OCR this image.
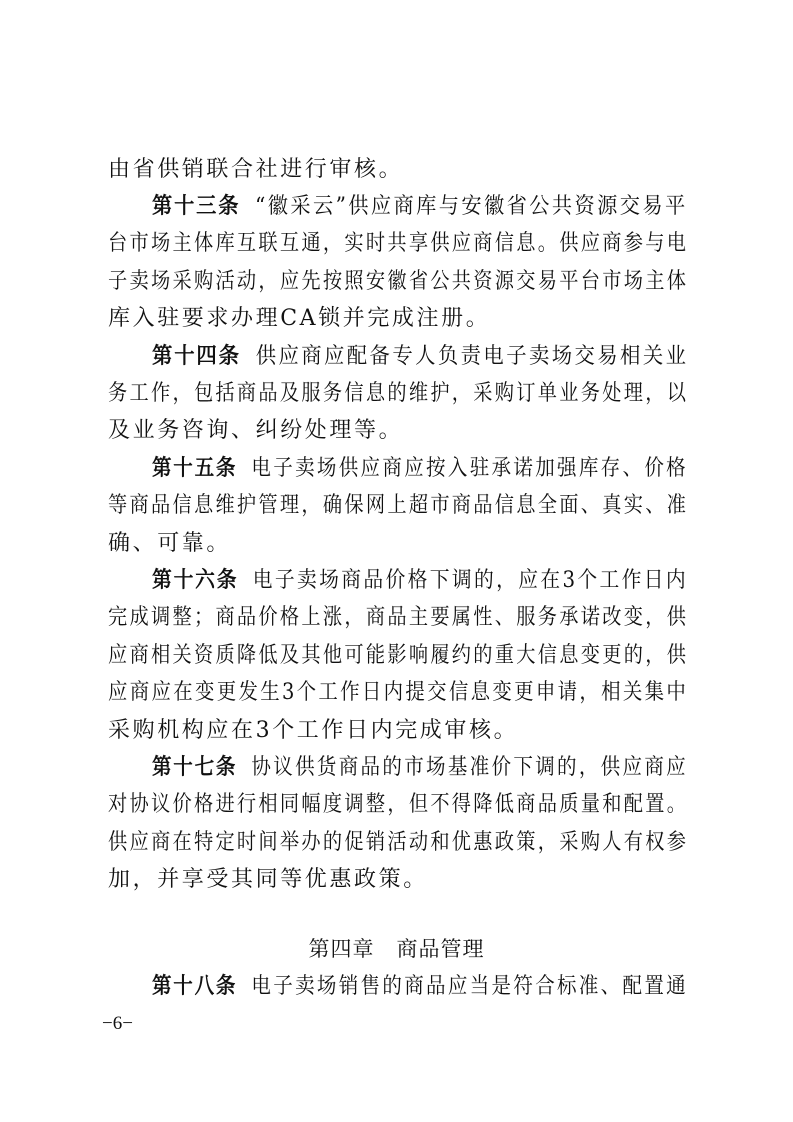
由省供销联合社进行审核。
第十三条 “徽采云”供应商库与安徽省公共资源交易平
台市场主体库互联互通，实时共享供应商信息。供应商参与电
子卖场采购活动，应先按照安徽省公共资源交易平台市场主体
库入驻要求办理CA锁并完成注册。
第十四条 供应商应配备专人负责电子卖场交易相关业
务工作，包括商品及服务信息的维护，采购订单业务处理，以
及业务咨询、纠纷处理等。
第十五条 电子卖场供应商应按入驻承诺加强库存、价格
等商品信息维护管理，确保网上超市商品信息全面、真实、准
确、可靠。
第十六条 电子卖场商品价格下调的，应在3个工作日内
完成调整；商品价格上涨，商品主要属性、服务承诺改变，供
应商相关资质降低及其他可能影响履约的重大信息变更的，供
应商应在变更发生3个工作日内提交信息变更申请，相关集中
采购机构应在3个工作日内完成审核。
第十七条 协议供货商品的市场基准价下调的，供应商应
对协议价格进行相同幅度调整，但不得降低商品质量和配置。
供应商在特定时间举办的促销活动和优惠政策，采购人有权参
加，并享受其同等优惠政策。
第四章 商品管理
第十八条 电子卖场销售的商品应当是符合标准、配置通
−6−
